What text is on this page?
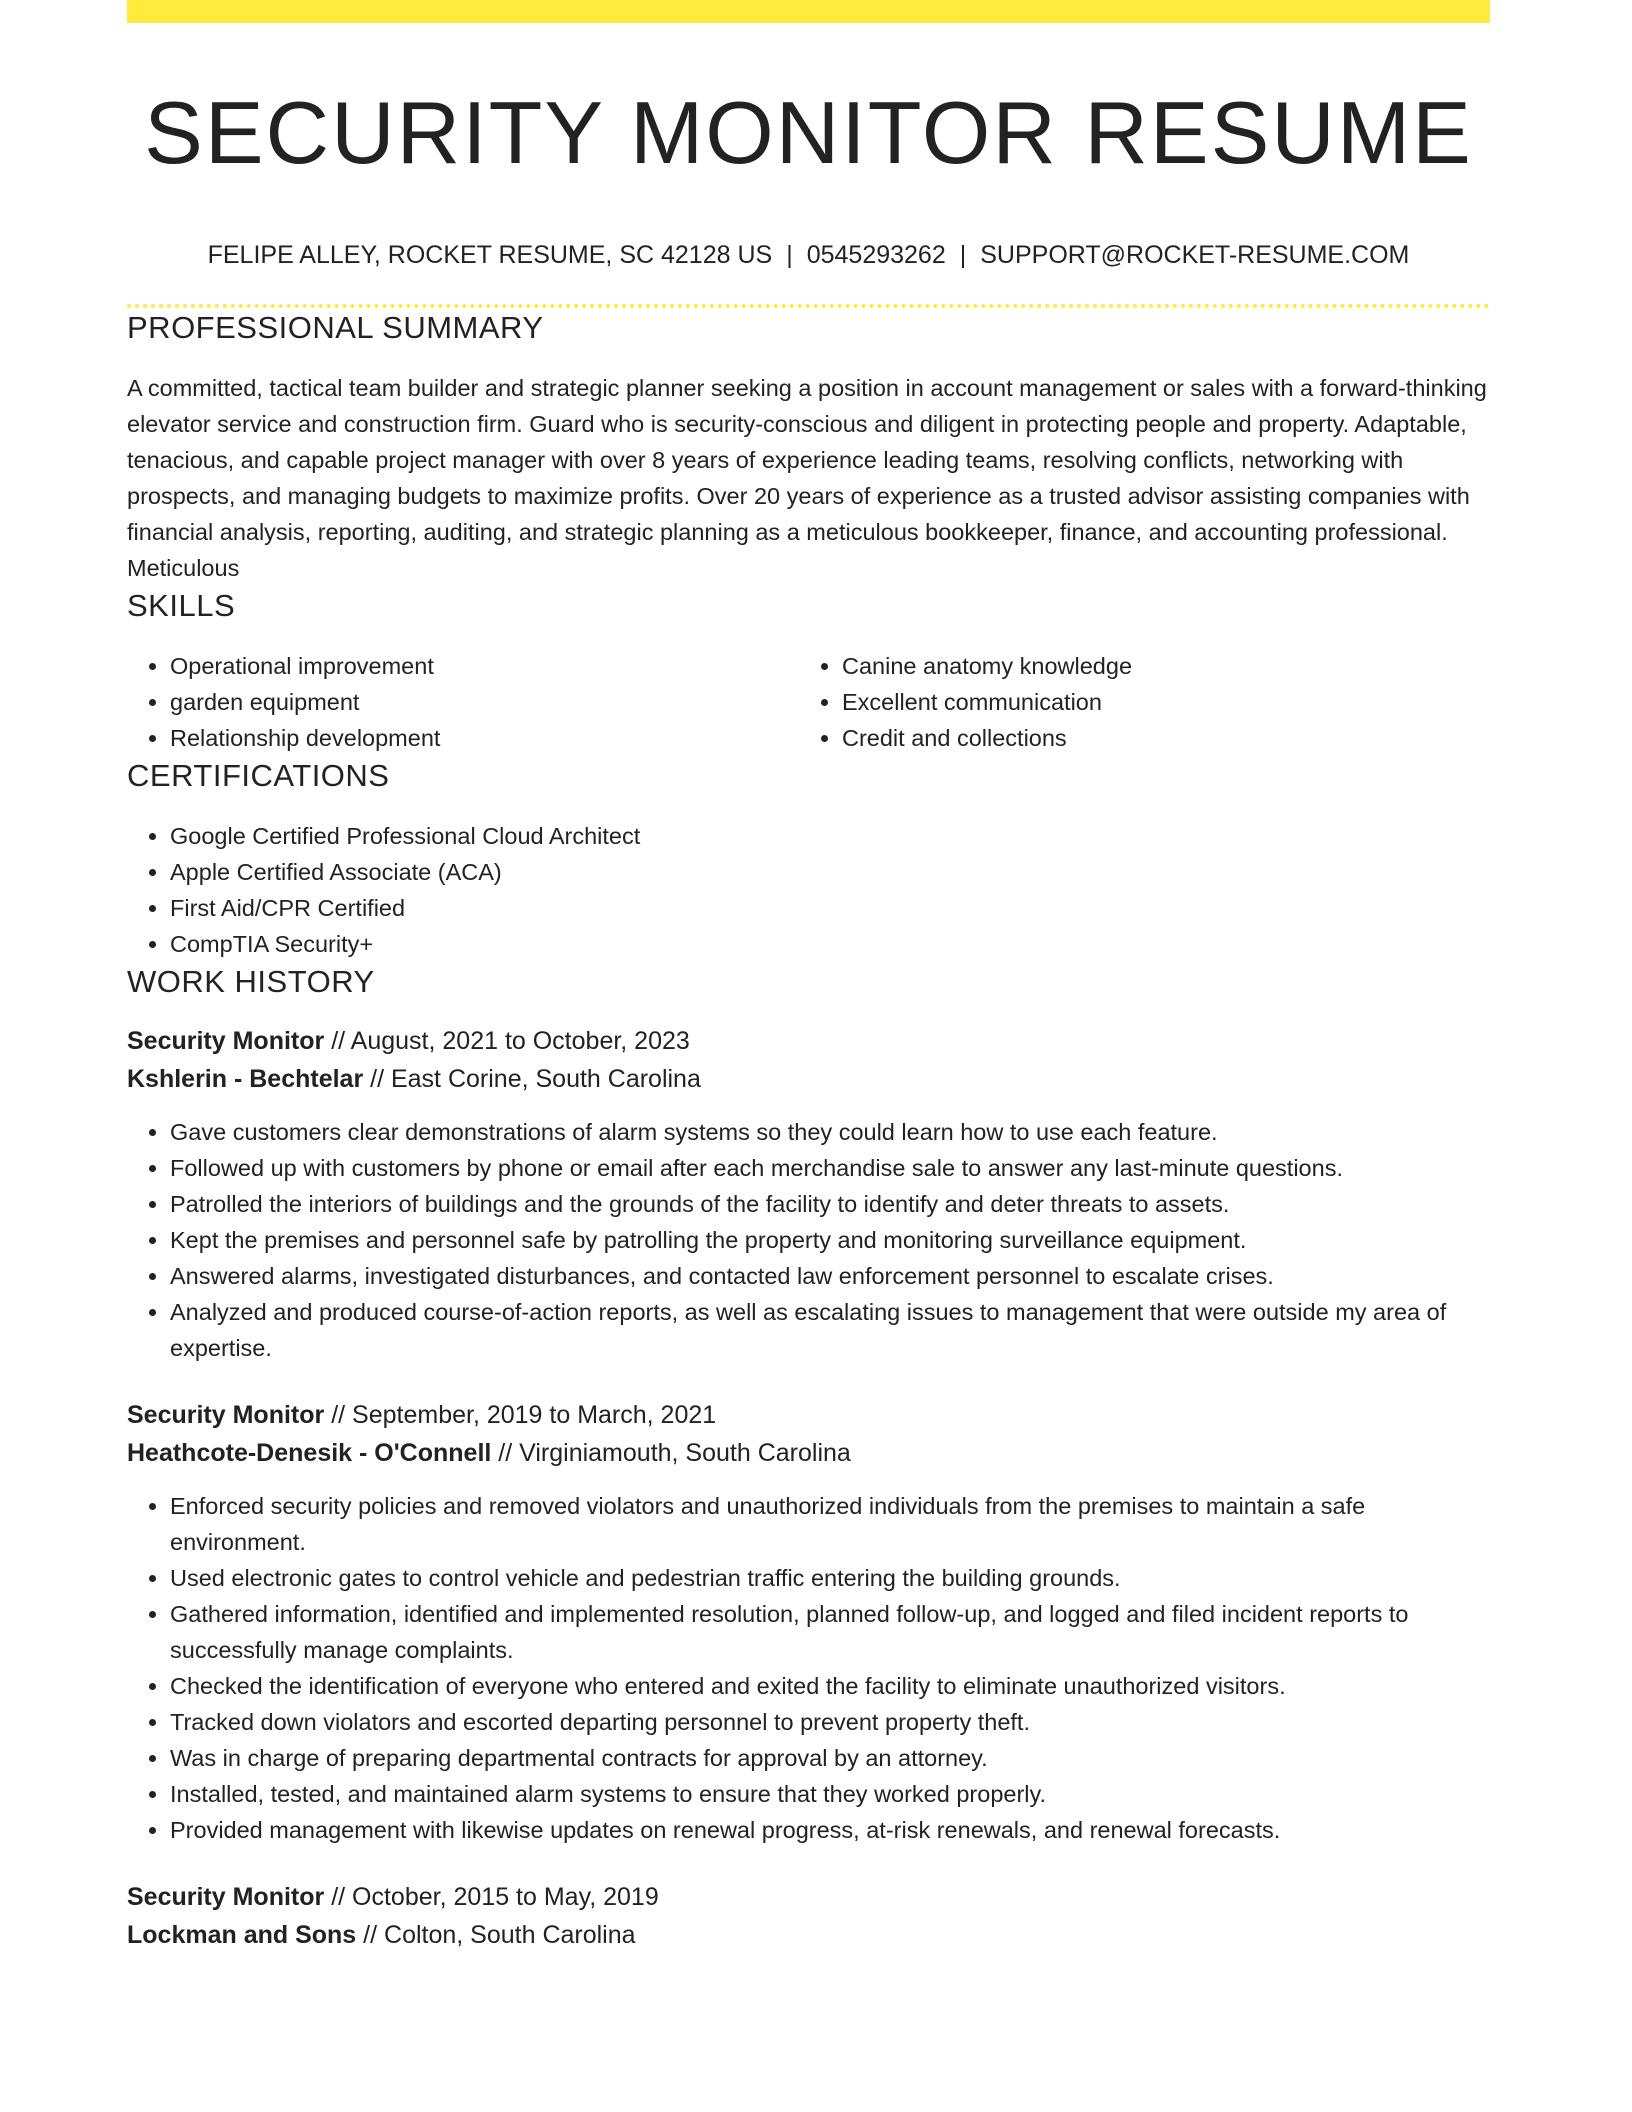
SECURITY MONITOR RESUME
FELIPE ALLEY, ROCKET RESUME, SC 42128 US | 0545293262 | SUPPORT@ROCKET-RESUME.COM
PROFESSIONAL SUMMARY
A committed, tactical team builder and strategic planner seeking a position in account management or sales with a forward-thinking elevator service and construction firm. Guard who is security-conscious and diligent in protecting people and property. Adaptable, tenacious, and capable project manager with over 8 years of experience leading teams, resolving conflicts, networking with prospects, and managing budgets to maximize profits. Over 20 years of experience as a trusted advisor assisting companies with financial analysis, reporting, auditing, and strategic planning as a meticulous bookkeeper, finance, and accounting professional. Meticulous
SKILLS
• Operational improvement
• garden equipment
• Relationship development
• Canine anatomy knowledge
• Excellent communication
• Credit and collections
CERTIFICATIONS
• Google Certified Professional Cloud Architect
• Apple Certified Associate (ACA)
• First Aid/CPR Certified
• CompTIA Security+
WORK HISTORY
Security Monitor // August, 2021 to October, 2023
Kshlerin - Bechtelar // East Corine, South Carolina
• Gave customers clear demonstrations of alarm systems so they could learn how to use each feature.
• Followed up with customers by phone or email after each merchandise sale to answer any last-minute questions.
• Patrolled the interiors of buildings and the grounds of the facility to identify and deter threats to assets.
• Kept the premises and personnel safe by patrolling the property and monitoring surveillance equipment.
• Answered alarms, investigated disturbances, and contacted law enforcement personnel to escalate crises.
• Analyzed and produced course-of-action reports, as well as escalating issues to management that were outside my area of expertise.
Security Monitor // September, 2019 to March, 2021
Heathcote-Denesik - O'Connell // Virginiamouth, South Carolina
• Enforced security policies and removed violators and unauthorized individuals from the premises to maintain a safe environment.
• Used electronic gates to control vehicle and pedestrian traffic entering the building grounds.
• Gathered information, identified and implemented resolution, planned follow-up, and logged and filed incident reports to successfully manage complaints.
• Checked the identification of everyone who entered and exited the facility to eliminate unauthorized visitors.
• Tracked down violators and escorted departing personnel to prevent property theft.
• Was in charge of preparing departmental contracts for approval by an attorney.
• Installed, tested, and maintained alarm systems to ensure that they worked properly.
• Provided management with likewise updates on renewal progress, at-risk renewals, and renewal forecasts.
Security Monitor // October, 2015 to May, 2019
Lockman and Sons // Colton, South Carolina
